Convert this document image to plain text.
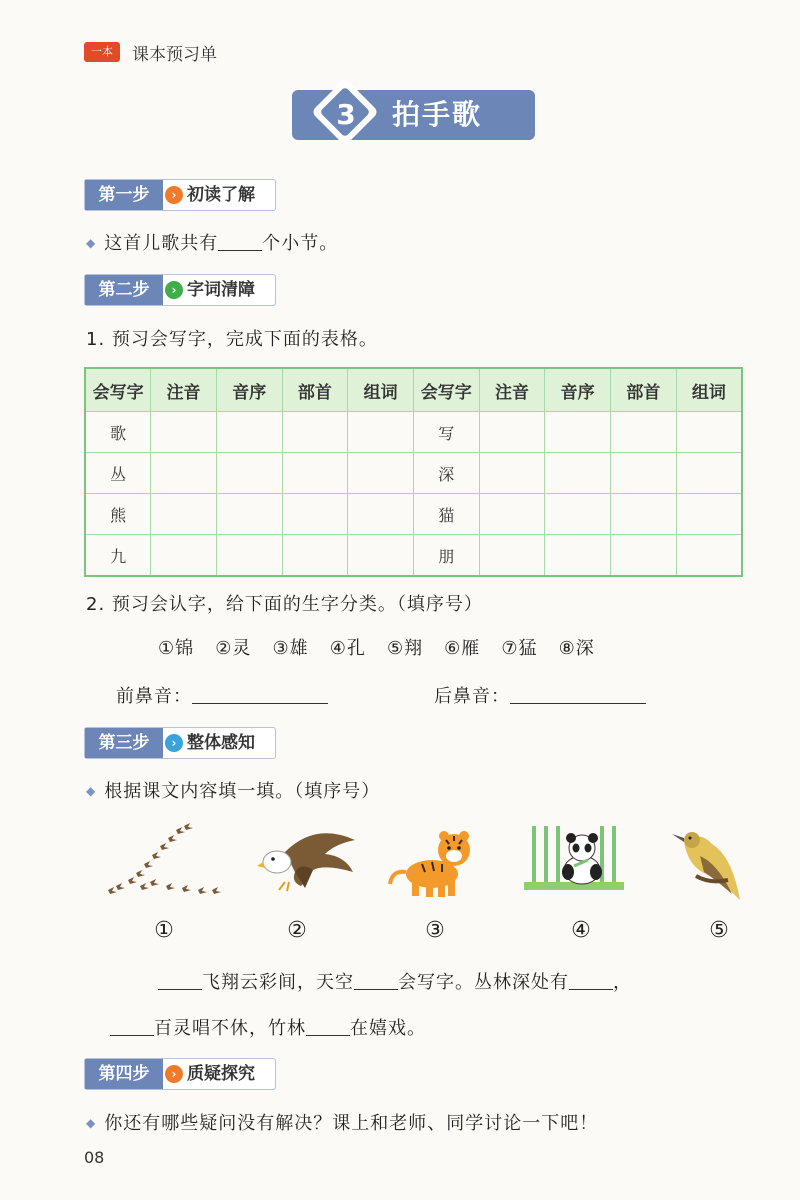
一本	课本预习单
3	拍手歌
第一步	› 初读了解
◆ 这首儿歌共有 个小节。
第二步	› 字词清障
1. 预习会写字，完成下面的表格。
会写字	注音	音序	部首	组词	会写字	注音	音序	部首	组词
歌					写				
丛					深				
熊					猫				
九					朋				
2. 预习会认字，给下面的生字分类。（填序号）
①锦 ②灵 ③雄 ④孔 ⑤翔 ⑥雁 ⑦猛 ⑧深
前鼻音：	后鼻音：
第三步	› 整体感知
◆ 根据课文内容填一填。（填序号）
①	②	③	④	⑤
飞翔云彩间，天空 会写字。丛林深处有 ，
百灵唱不休，竹林 在嬉戏。
第四步	› 质疑探究
◆ 你还有哪些疑问没有解决？课上和老师、同学讨论一下吧！
08
